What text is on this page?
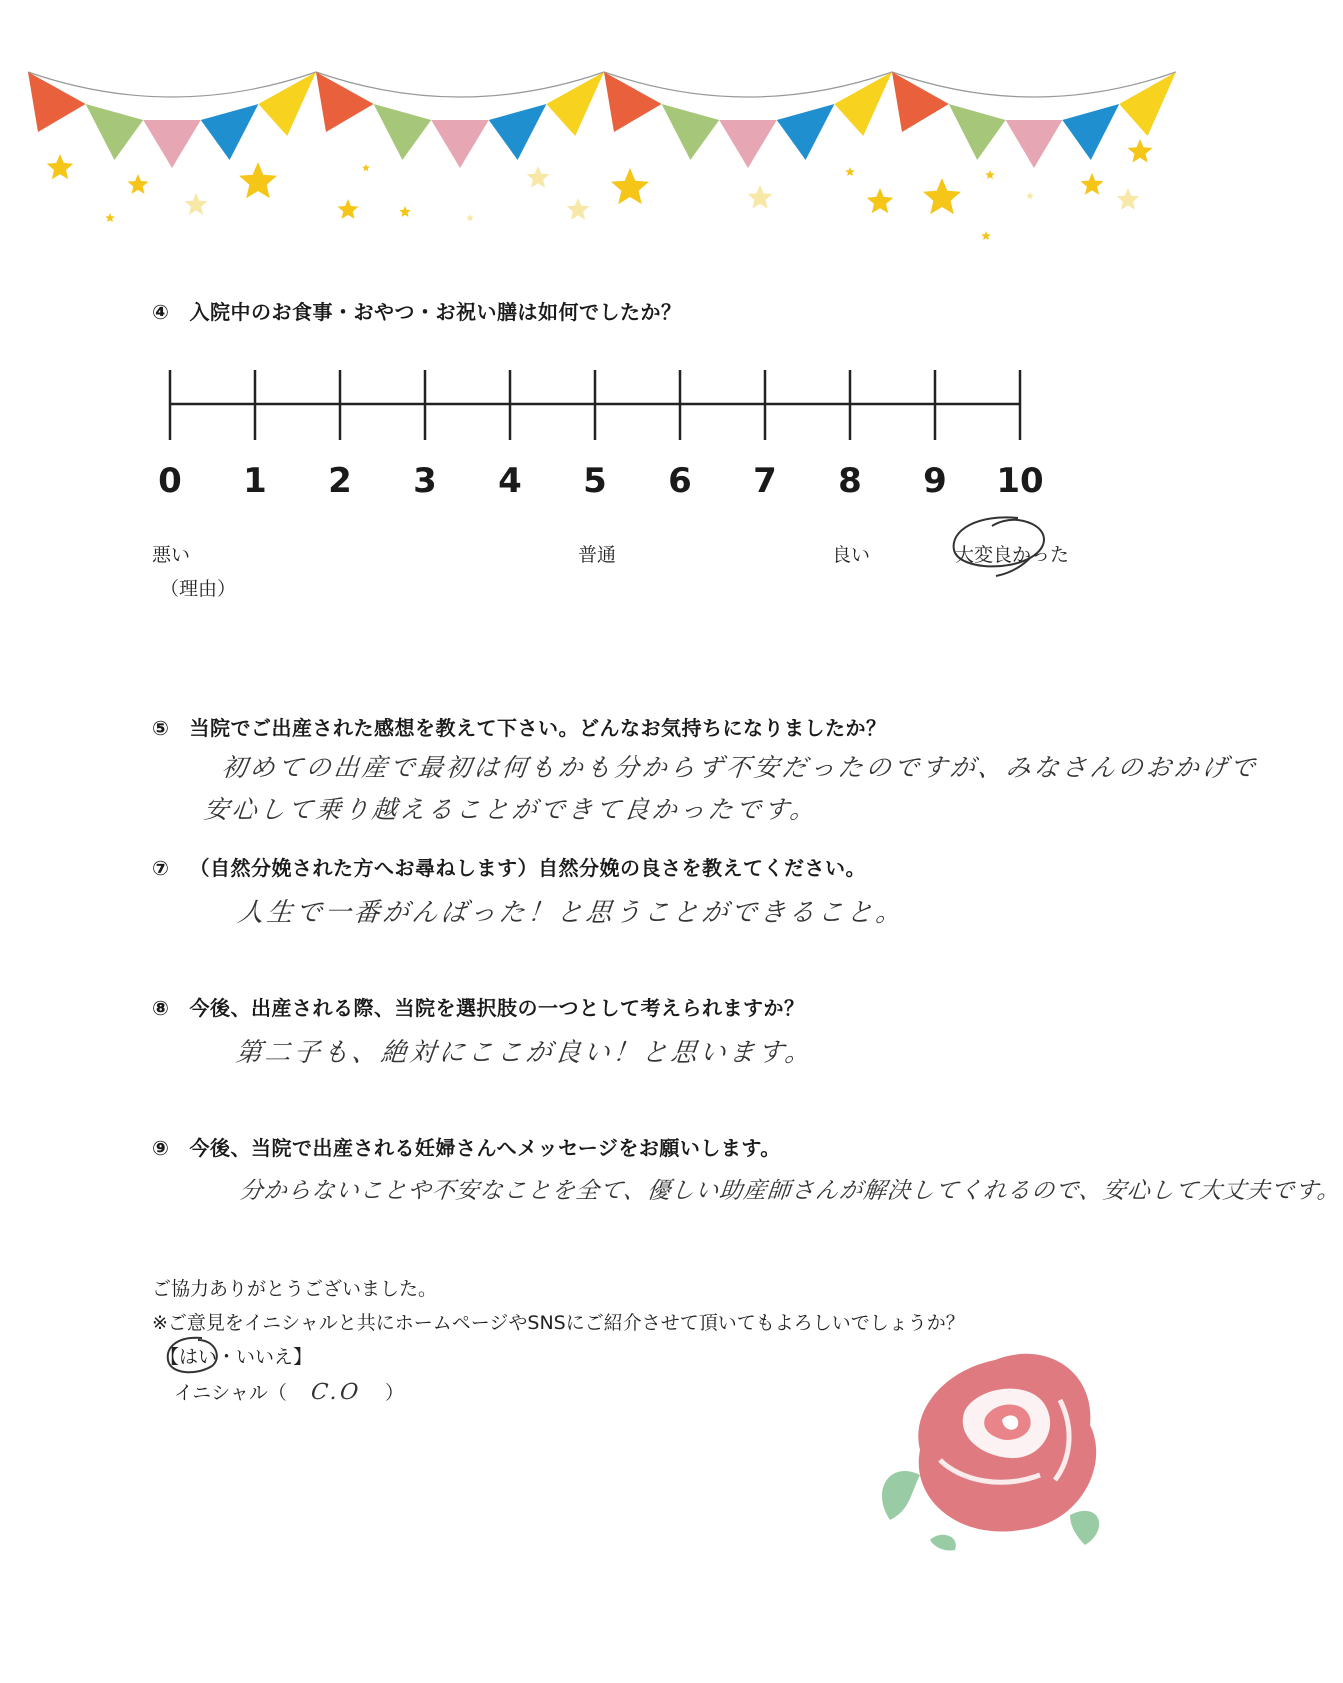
④ 入院中のお食事・おやつ・お祝い膳は如何でしたか？
0 1 2 3 4 5 6 7 8 9 10
悪い
（理由）
普通	良い	大変良かった
⑤ 当院でご出産された感想を教えて下さい。どんなお気持ちになりましたか？
初めての出産で最初は何もかも分からず不安だったのですが、みなさんのおかげで
安心して乗り越えることができて良かったです。
⑦ （自然分娩された方へお尋ねします）自然分娩の良さを教えてください。
人生で一番がんばった！と思うことができること。
⑧ 今後、出産される際、当院を選択肢の一つとして考えられますか？
第二子も、絶対にここが良い！と思います。
⑨ 今後、当院で出産される妊婦さんへメッセージをお願いします。
分からないことや不安なことを全て、優しい助産師さんが解決してくれるので、安心して大丈夫です。
ご協力ありがとうございました。
※ご意見をイニシャルと共にホームページやSNSにご紹介させて頂いてもよろしいでしょうか？
【はい・いいえ】
イニシャル（ C.O ）
